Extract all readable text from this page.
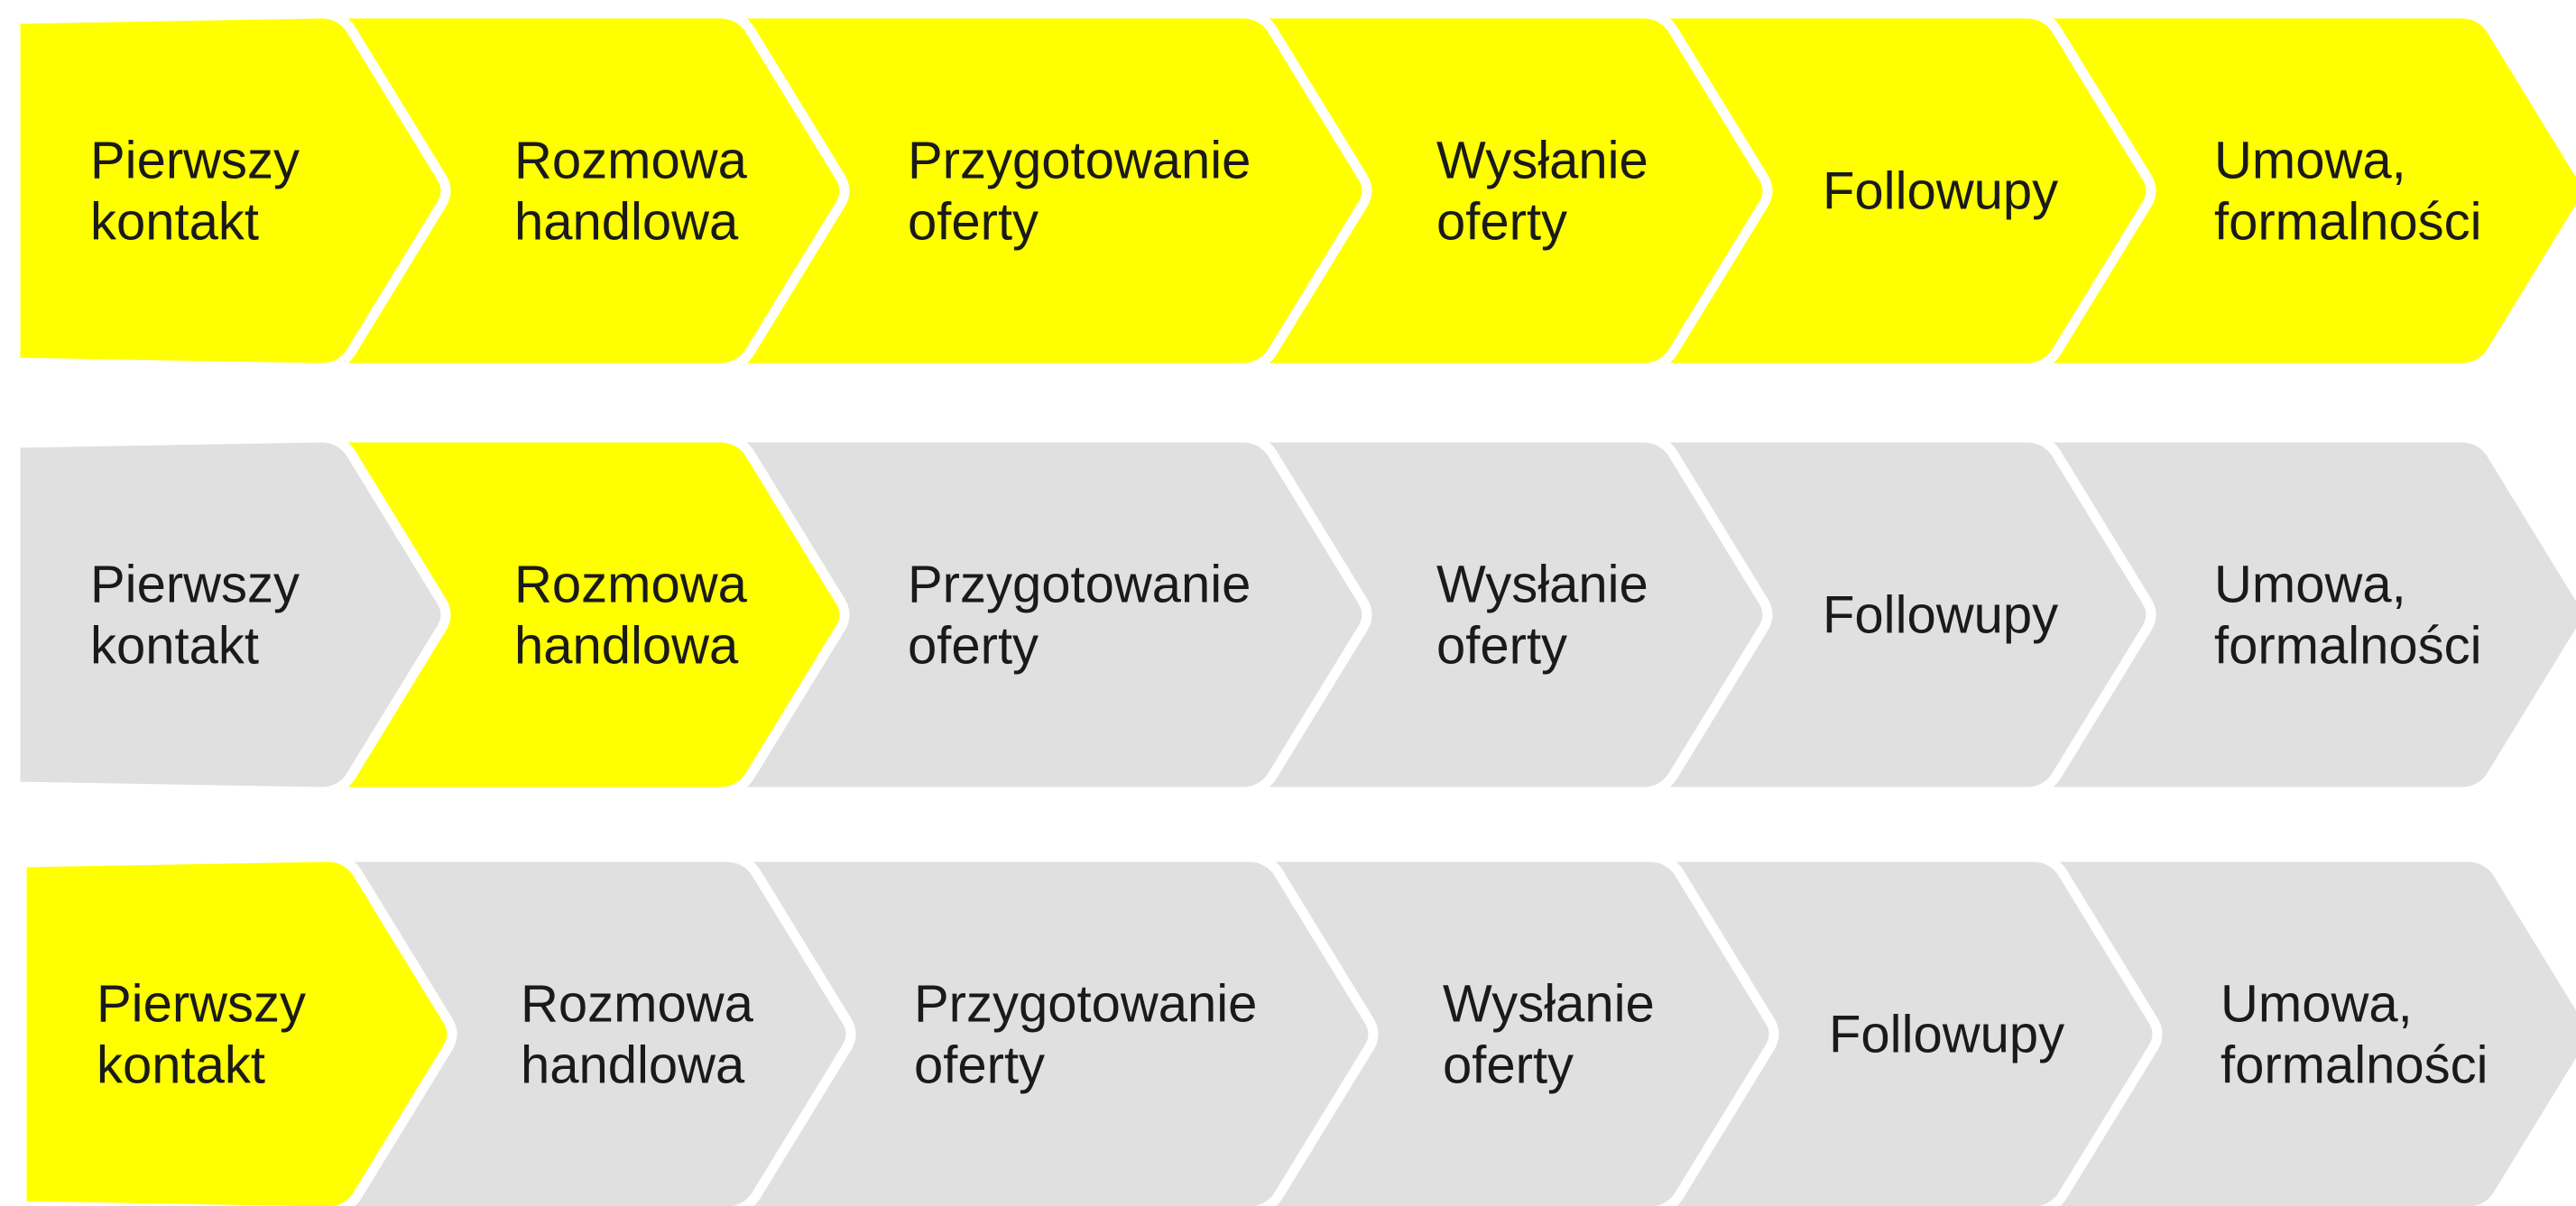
Umowa, formalności
Followupy
Wysłanie oferty
Przygotowanie oferty
Rozmowa handlowa
Pierwszy kontakt
Umowa, formalności
Followupy
Wysłanie oferty
Przygotowanie oferty
Rozmowa handlowa
Pierwszy kontakt
Umowa, formalności
Followupy
Wysłanie oferty
Przygotowanie oferty
Rozmowa handlowa
Pierwszy kontakt
